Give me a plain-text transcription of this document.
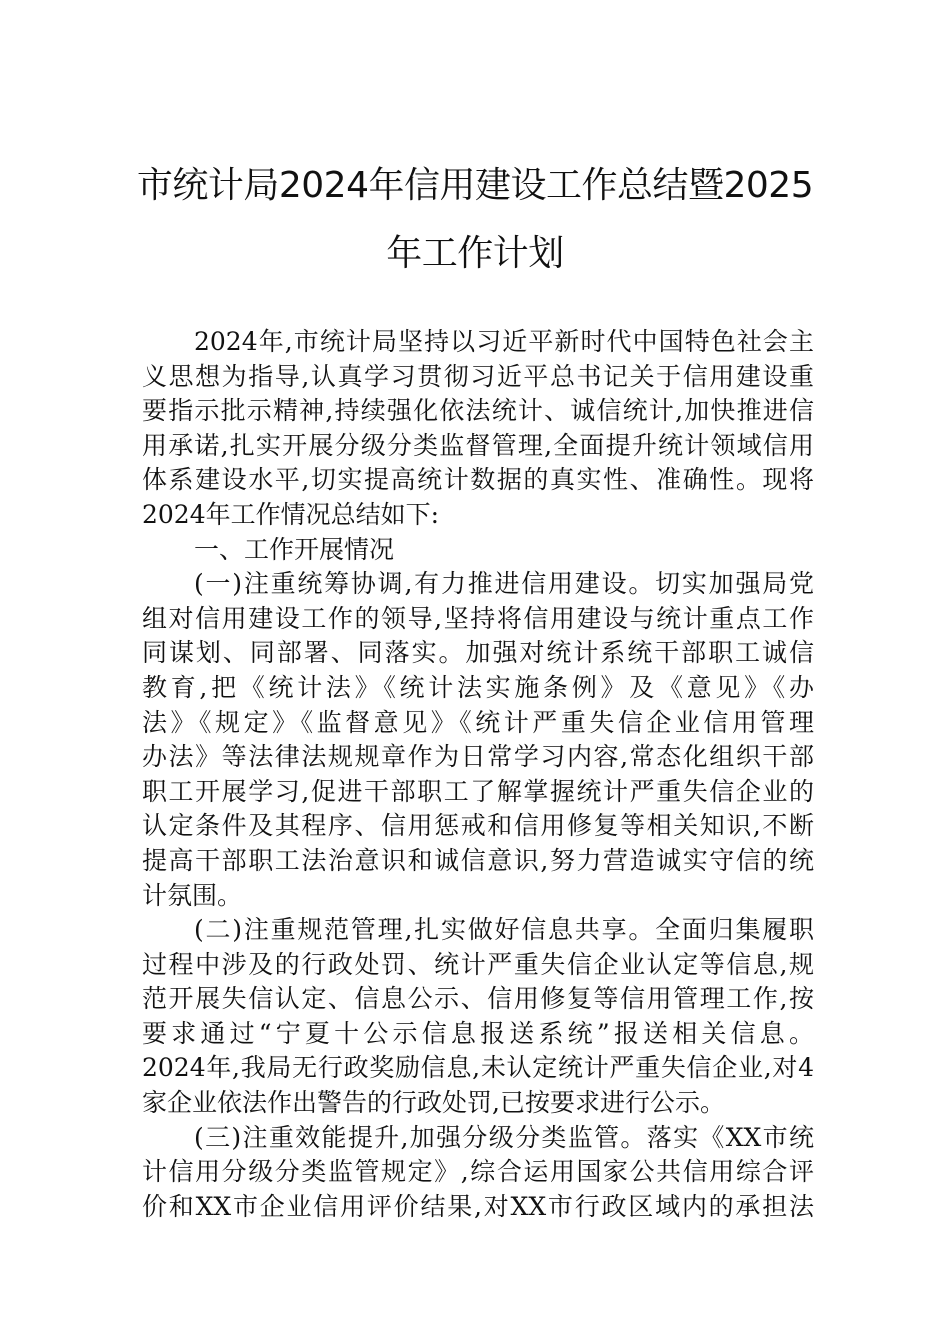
市统计局2024年信用建设工作总结暨2025
年工作计划
2024年,市统计局坚持以习近平新时代中国特色社会主
义思想为指导,认真学习贯彻习近平总书记关于信用建设重
要指示批示精神,持续强化依法统计、诚信统计,加快推进信
用承诺,扎实开展分级分类监督管理,全面提升统计领域信用
体系建设水平,切实提高统计数据的真实性、准确性。现将
2024年工作情况总结如下:
一、工作开展情况
(一)注重统筹协调,有力推进信用建设。切实加强局党
组对信用建设工作的领导,坚持将信用建设与统计重点工作
同谋划、同部署、同落实。加强对统计系统干部职工诚信
教育,把《统计法》《统计法实施条例》及《意见》《办
法》《规定》《监督意见》《统计严重失信企业信用管理
办法》等法律法规规章作为日常学习内容,常态化组织干部
职工开展学习,促进干部职工了解掌握统计严重失信企业的
认定条件及其程序、信用惩戒和信用修复等相关知识,不断
提高干部职工法治意识和诚信意识,努力营造诚实守信的统
计氛围。
(二)注重规范管理,扎实做好信息共享。全面归集履职
过程中涉及的行政处罚、统计严重失信企业认定等信息,规
范开展失信认定、信息公示、信用修复等信用管理工作,按
要求通过“宁夏十公示信息报送系统”报送相关信息。
2024年,我局无行政奖励信息,未认定统计严重失信企业,对4
家企业依法作出警告的行政处罚,已按要求进行公示。
(三)注重效能提升,加强分级分类监管。落实《XX市统
计信用分级分类监管规定》,综合运用国家公共信用综合评
价和XX市企业信用评价结果,对XX市行政区域内的承担法
